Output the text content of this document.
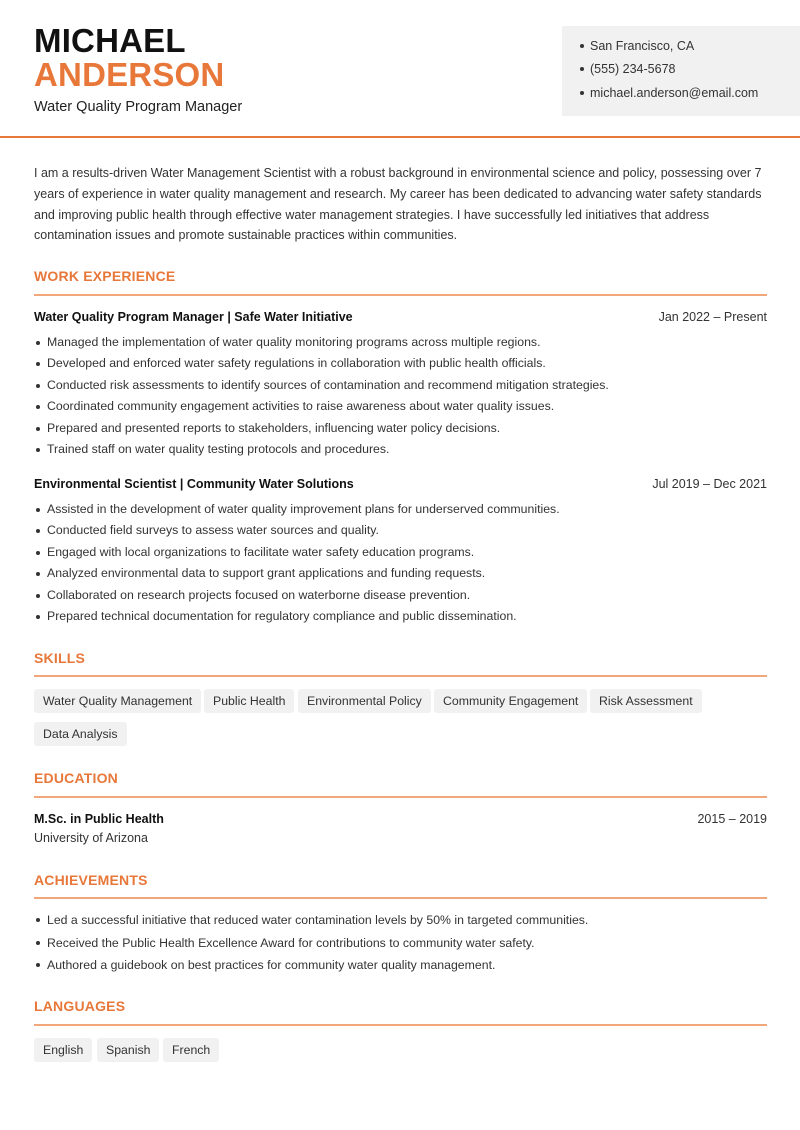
MICHAEL
ANDERSON
Water Quality Program Manager
San Francisco, CA
(555) 234-5678
michael.anderson@email.com

I am a results-driven Water Management Scientist with a robust background in environmental science and policy, possessing over 7 years of experience in water quality management and research. My career has been dedicated to advancing water safety standards and improving public health through effective water management strategies. I have successfully led initiatives that address contamination issues and promote sustainable practices within communities.

WORK EXPERIENCE
Water Quality Program Manager | Safe Water Initiative	Jan 2022 – Present
Managed the implementation of water quality monitoring programs across multiple regions.
Developed and enforced water safety regulations in collaboration with public health officials.
Conducted risk assessments to identify sources of contamination and recommend mitigation strategies.
Coordinated community engagement activities to raise awareness about water quality issues.
Prepared and presented reports to stakeholders, influencing water policy decisions.
Trained staff on water quality testing protocols and procedures.
Environmental Scientist | Community Water Solutions	Jul 2019 – Dec 2021
Assisted in the development of water quality improvement plans for underserved communities.
Conducted field surveys to assess water sources and quality.
Engaged with local organizations to facilitate water safety education programs.
Analyzed environmental data to support grant applications and funding requests.
Collaborated on research projects focused on waterborne disease prevention.
Prepared technical documentation for regulatory compliance and public dissemination.
SKILLS
Water Quality Management	Public Health	Environmental Policy	Community Engagement	Risk Assessment
Data Analysis
EDUCATION
M.Sc. in Public Health	2015 – 2019
University of Arizona
ACHIEVEMENTS
Led a successful initiative that reduced water contamination levels by 50% in targeted communities.
Received the Public Health Excellence Award for contributions to community water safety.
Authored a guidebook on best practices for community water quality management.
LANGUAGES
English	Spanish	French
